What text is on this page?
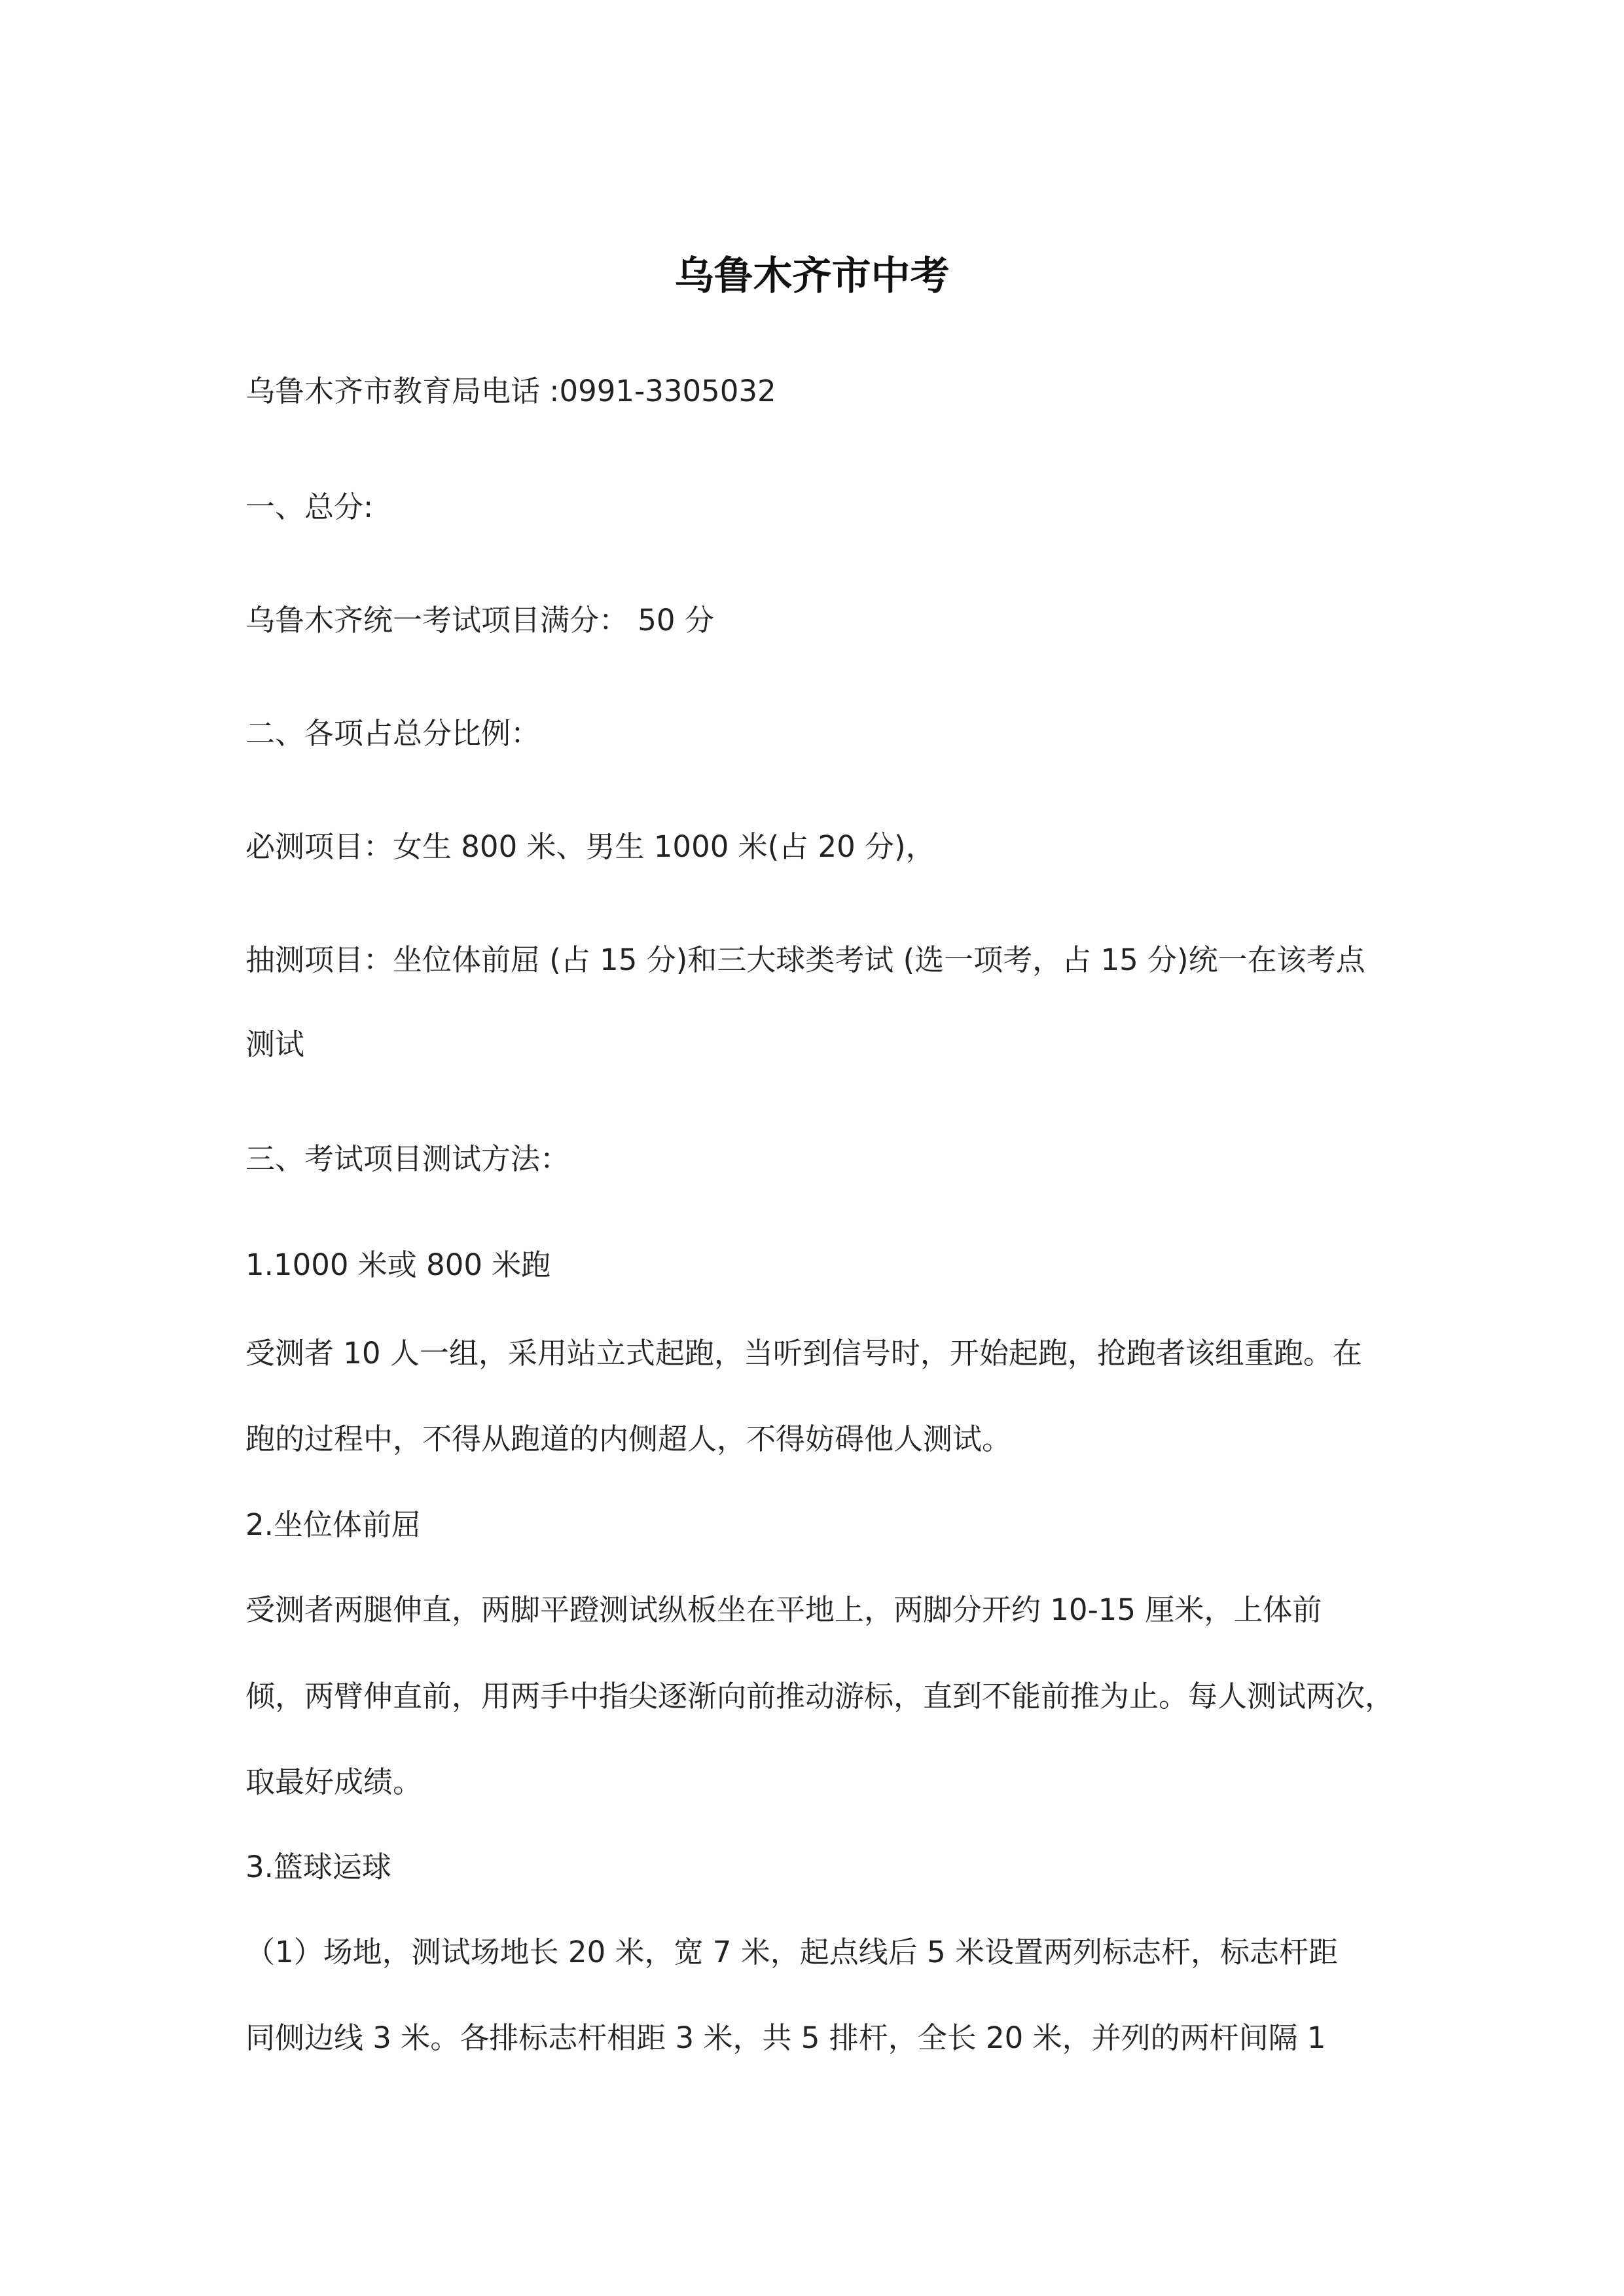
乌鲁木齐市中考
乌鲁木齐市教育局电话 :0991-3305032
一、总分:
乌鲁木齐统一考试项目满分： 50 分
二、各项占总分比例：
必测项目：女生 800 米、男生 1000 米(占 20 分)，
抽测项目：坐位体前屈 (占 15 分)和三大球类考试 (选一项考，占 15 分)统一在该考点
测试
三、考试项目测试方法：
1.1000 米或 800 米跑
受测者 10 人一组，采用站立式起跑，当听到信号时，开始起跑，抢跑者该组重跑。在
跑的过程中，不得从跑道的内侧超人，不得妨碍他人测试。
2.坐位体前屈
受测者两腿伸直，两脚平蹬测试纵板坐在平地上，两脚分开约 10-15 厘米，上体前
倾，两臂伸直前，用两手中指尖逐渐向前推动游标，直到不能前推为止。每人测试两次，
取最好成绩。
3.篮球运球
（1）场地，测试场地长 20 米，宽 7 米，起点线后 5 米设置两列标志杆，标志杆距
同侧边线 3 米。各排标志杆相距 3 米，共 5 排杆，全长 20 米，并列的两杆间隔 1
